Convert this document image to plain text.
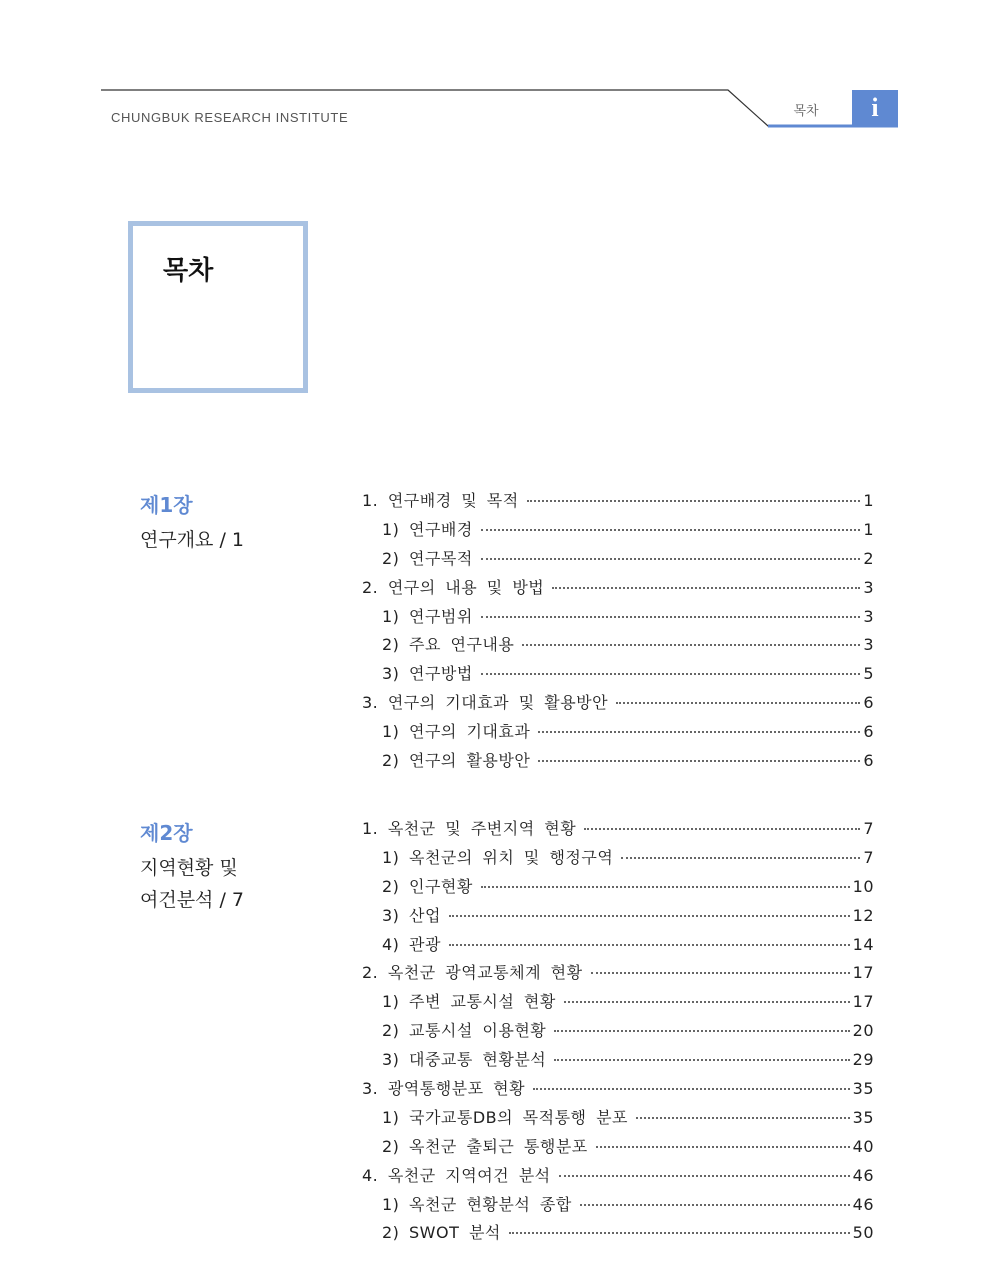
CHUNGBUK RESEARCH INSTITUTE	목차	i
목차
제1장
연구개요 / 1
1. 연구배경 및 목적	1
1) 연구배경	1
2) 연구목적	2
2. 연구의 내용 및 방법	3
1) 연구범위	3
2) 주요 연구내용	3
3) 연구방법	5
3. 연구의 기대효과 및 활용방안	6
1) 연구의 기대효과	6
2) 연구의 활용방안	6
제2장
지역현황 및
여건분석 / 7
1. 옥천군 및 주변지역 현황	7
1) 옥천군의 위치 및 행정구역	7
2) 인구현황	10
3) 산업	12
4) 관광	14
2. 옥천군 광역교통체계 현황	17
1) 주변 교통시설 현황	17
2) 교통시설 이용현황	20
3) 대중교통 현황분석	29
3. 광역통행분포 현황	35
1) 국가교통DB의 목적통행 분포	35
2) 옥천군 출퇴근 통행분포	40
4. 옥천군 지역여건 분석	46
1) 옥천군 현황분석 종합	46
2) SWOT 분석	50
